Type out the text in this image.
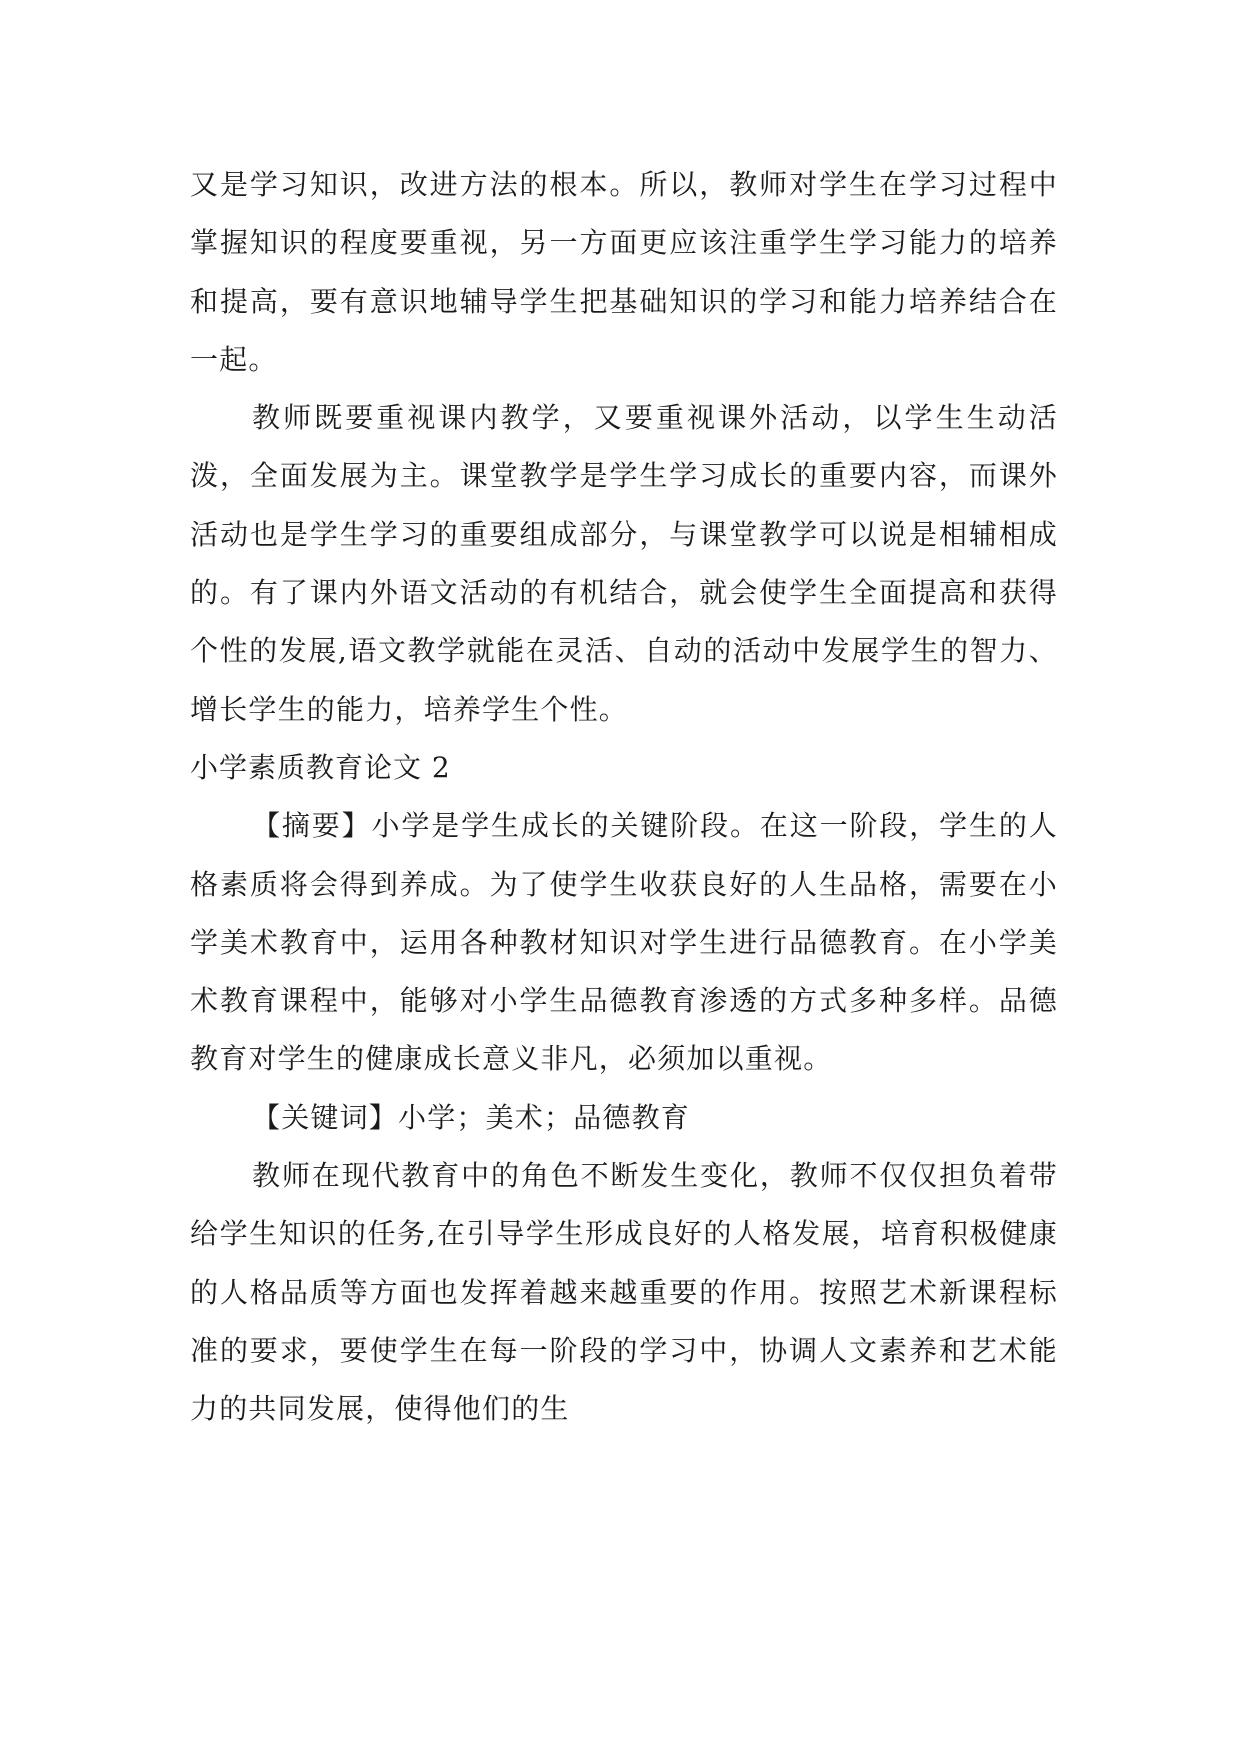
又是学习知识，改进方法的根本。所以，教师对学生在学习过程中掌握知识的程度要重视，另一方面更应该注重学生学习能力的培养和提高，要有意识地辅导学生把基础知识的学习和能力培养结合在一起。

教师既要重视课内教学，又要重视课外活动，以学生生动活泼，全面发展为主。课堂教学是学生学习成长的重要内容，而课外活动也是学生学习的重要组成部分，与课堂教学可以说是相辅相成的。有了课内外语文活动的有机结合，就会使学生全面提高和获得个性的发展,语文教学就能在灵活、自动的活动中发展学生的智力、增长学生的能力，培养学生个性。

小学素质教育论文 2

【摘要】小学是学生成长的关键阶段。在这一阶段，学生的人格素质将会得到养成。为了使学生收获良好的人生品格，需要在小学美术教育中，运用各种教材知识对学生进行品德教育。在小学美术教育课程中，能够对小学生品德教育渗透的方式多种多样。品德教育对学生的健康成长意义非凡，必须加以重视。

【关键词】小学；美术；品德教育

教师在现代教育中的角色不断发生变化，教师不仅仅担负着带给学生知识的任务,在引导学生形成良好的人格发展，培育积极健康的人格品质等方面也发挥着越来越重要的作用。按照艺术新课程标准的要求，要使学生在每一阶段的学习中，协调人文素养和艺术能力的共同发展，使得他们的生
